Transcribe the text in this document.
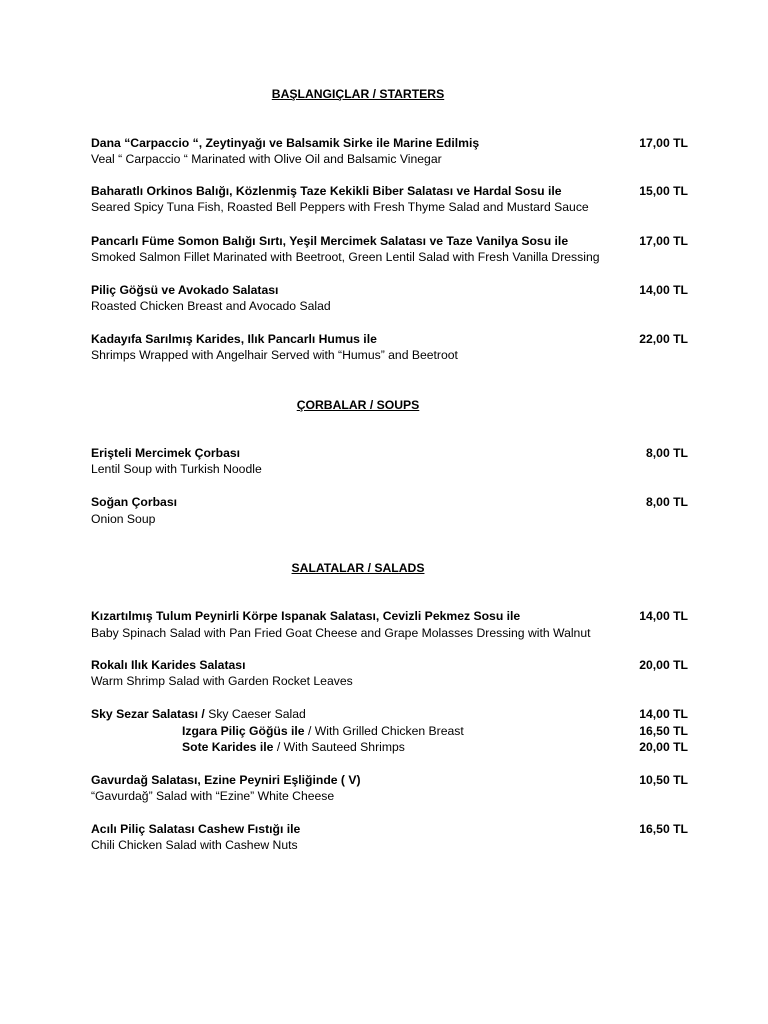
BAŞLANGIÇLAR / STARTERS
Dana “Carpaccio “, Zeytinyağı ve Balsamik Sirke ile Marine Edilmiş	17,00 TL
Veal “ Carpaccio “ Marinated with Olive Oil and Balsamic Vinegar
Baharatlı Orkinos Balığı, Közlenmiş Taze Kekikli Biber Salatası ve Hardal Sosu ile	15,00 TL
Seared Spicy Tuna Fish, Roasted Bell Peppers with Fresh Thyme Salad and Mustard Sauce
Pancarlı Füme Somon Balığı Sırtı, Yeşil Mercimek Salatası ve Taze Vanilya Sosu ile	17,00 TL
Smoked Salmon Fillet Marinated with Beetroot, Green Lentil Salad with Fresh Vanilla Dressing
Piliç Göğsü ve Avokado Salatası	14,00 TL
Roasted Chicken Breast and Avocado Salad
Kadayıfa Sarılmış Karides, Ilık Pancarlı Humus ile	22,00 TL
Shrimps Wrapped with Angelhair Served with “Humus” and Beetroot
ÇORBALAR / SOUPS
Erişteli Mercimek Çorbası	8,00 TL
Lentil Soup with Turkish Noodle
Soğan Çorbası	8,00 TL
Onion Soup
SALATALAR / SALADS
Kızartılmış Tulum Peynirli Körpe Ispanak Salatası, Cevizli Pekmez Sosu ile	14,00 TL
Baby Spinach Salad with Pan Fried Goat Cheese and Grape Molasses Dressing with Walnut
Rokalı Ilık Karides Salatası	20,00 TL
Warm Shrimp Salad with Garden Rocket Leaves
Sky Sezar Salatası / Sky Caeser Salad	14,00 TL
Izgara Piliç Göğüs ile / With Grilled Chicken Breast	16,50 TL
Sote Karides ile / With Sauteed Shrimps	20,00 TL
Gavurdağ Salatası, Ezine Peyniri Eşliğinde ( V)	10,50 TL
“Gavurdağ” Salad with “Ezine” White Cheese
Acılı Piliç Salatası Cashew Fıstığı ile	16,50 TL
Chili Chicken Salad with Cashew Nuts
